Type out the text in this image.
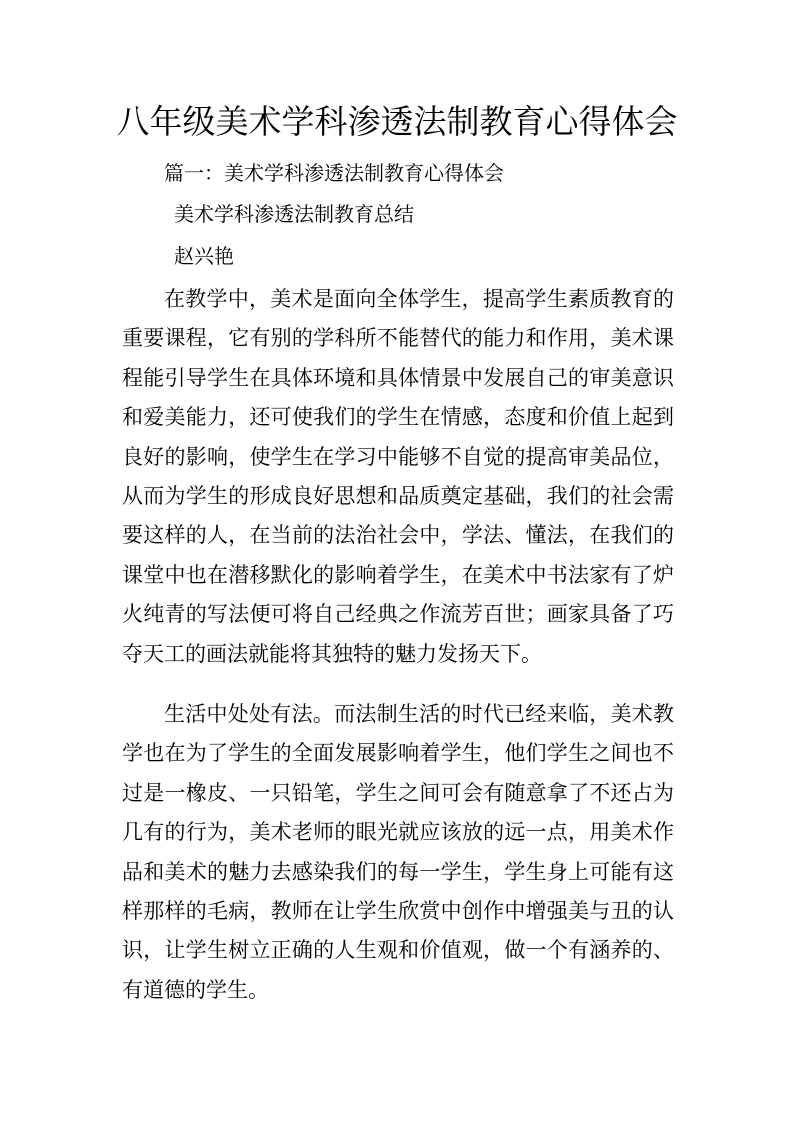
八年级美术学科渗透法制教育心得体会

篇一：美术学科渗透法制教育心得体会

美术学科渗透法制教育总结

赵兴艳

在教学中，美术是面向全体学生，提高学生素质教育的重要课程，它有别的学科所不能替代的能力和作用，美术课程能引导学生在具体环境和具体情景中发展自己的审美意识和爱美能力，还可使我们的学生在情感，态度和价值上起到良好的影响，使学生在学习中能够不自觉的提高审美品位，从而为学生的形成良好思想和品质奠定基础，我们的社会需要这样的人，在当前的法治社会中，学法、懂法，在我们的课堂中也在潜移默化的影响着学生，在美术中书法家有了炉火纯青的写法便可将自己经典之作流芳百世；画家具备了巧夺天工的画法就能将其独特的魅力发扬天下。

生活中处处有法。而法制生活的时代已经来临，美术教学也在为了学生的全面发展影响着学生，他们学生之间也不过是一橡皮、一只铅笔，学生之间可会有随意拿了不还占为几有的行为，美术老师的眼光就应该放的远一点，用美术作品和美术的魅力去感染我们的每一学生，学生身上可能有这样那样的毛病，教师在让学生欣赏中创作中增强美与丑的认识，让学生树立正确的人生观和价值观，做一个有涵养的、有道德的学生。
